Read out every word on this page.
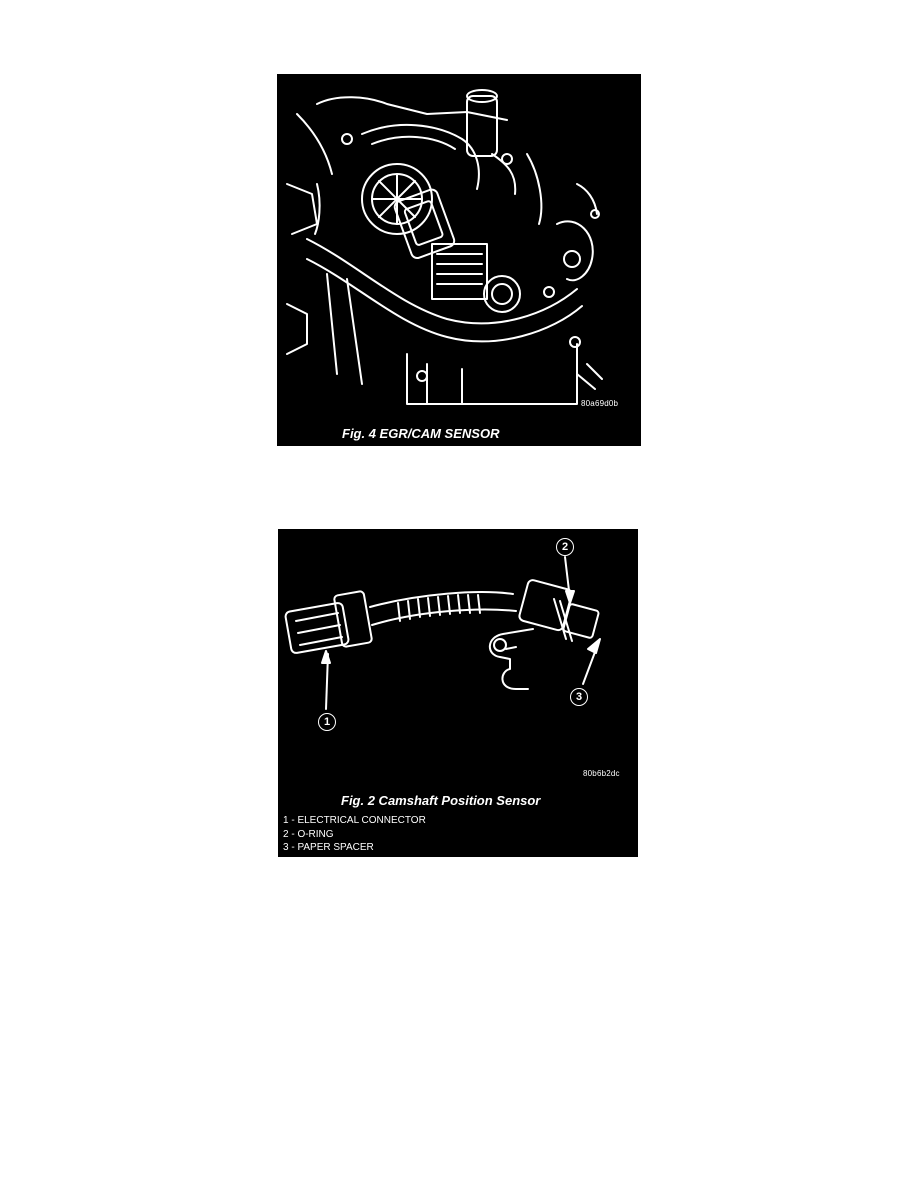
80a69d0b
Fig. 4 EGR/CAM SENSOR
1
2
3
80b6b2dc
Fig. 2 Camshaft Position Sensor
1 - ELECTRICAL CONNECTOR
2 - O-RING
3 - PAPER SPACER
